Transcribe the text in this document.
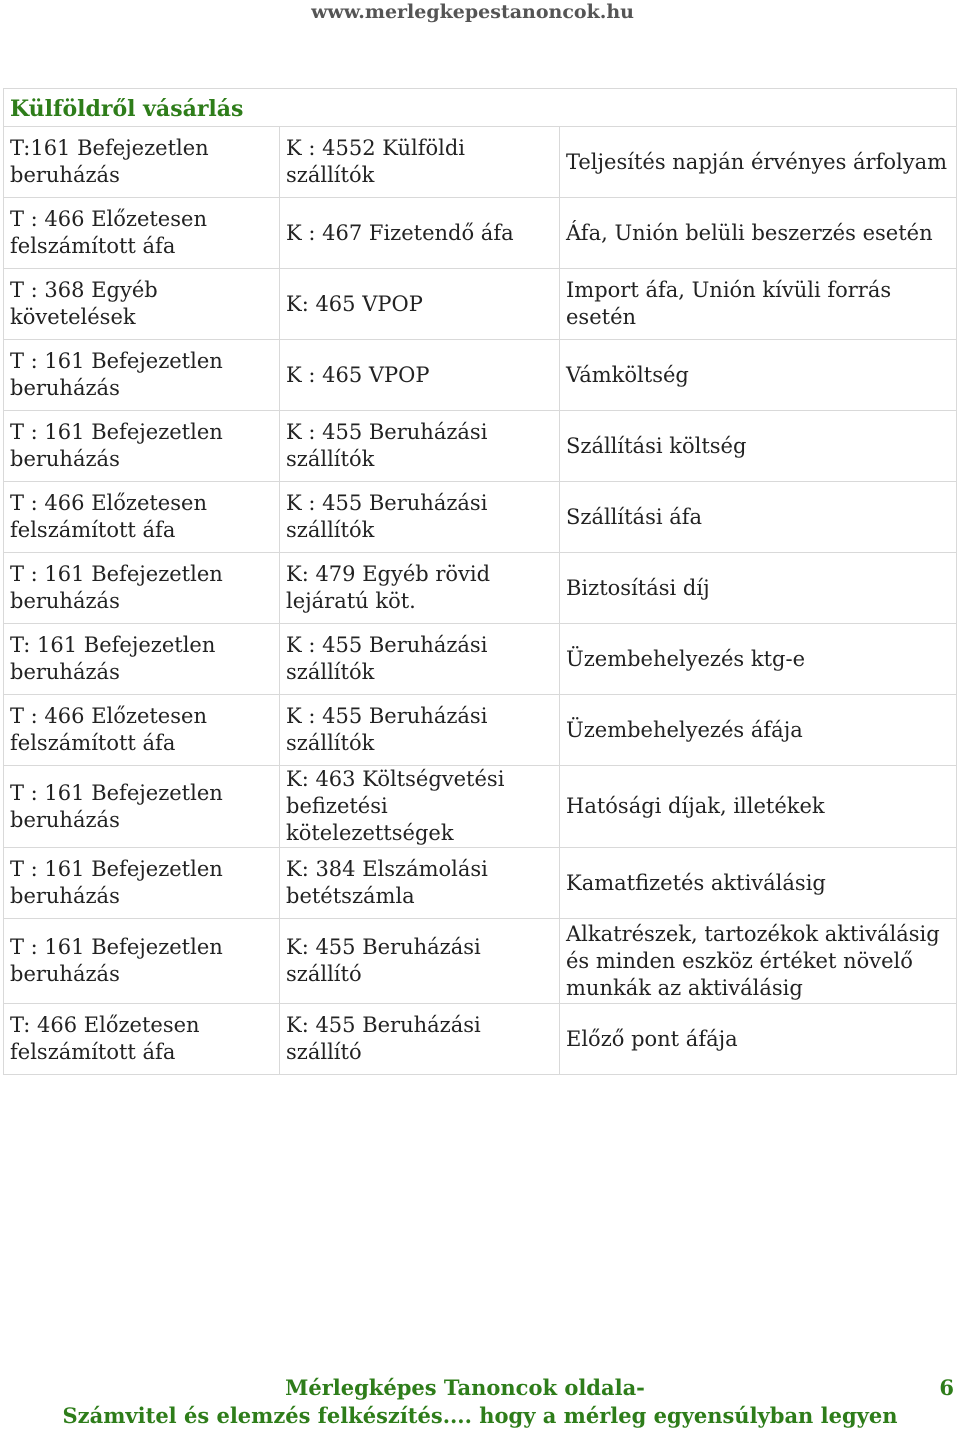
www.merlegkepestanoncok.hu
Külföldről vásárlás		
T:161 Befejezetlen beruházás	K : 4552 Külföldi szállítók	Teljesítés napján érvényes árfolyam
T : 466 Előzetesen felszámított áfa	K : 467 Fizetendő áfa	Áfa, Unión belüli beszerzés esetén
T : 368 Egyéb követelések	K: 465 VPOP	Import áfa, Unión kívüli forrás esetén
T : 161 Befejezetlen beruházás	K : 465 VPOP	Vámköltség
T : 161 Befejezetlen beruházás	K : 455 Beruházási szállítók	Szállítási költség
T : 466 Előzetesen felszámított áfa	K : 455 Beruházási szállítók	Szállítási áfa
T : 161 Befejezetlen beruházás	K: 479 Egyéb rövid lejáratú köt.	Biztosítási díj
T: 161 Befejezetlen beruházás	K : 455 Beruházási szállítók	Üzembehelyezés ktg-e
T : 466 Előzetesen felszámított áfa	K : 455 Beruházási szállítók	Üzembehelyezés áfája
T : 161 Befejezetlen beruházás	K: 463 Költségvetési befizetési kötelezettségek	Hatósági díjak, illetékek
T : 161 Befejezetlen beruházás	K: 384 Elszámolási betétszámla	Kamatfizetés aktiválásig
T : 161 Befejezetlen beruházás	K: 455 Beruházási szállító	Alkatrészek, tartozékok aktiválásig és minden eszköz értéket növelő munkák az aktiválásig
T: 466 Előzetesen felszámított áfa	K: 455 Beruházási szállító	Előző pont áfája
Mérlegképes Tanoncok oldala-
Számvitel és elemzés felkészítés.... hogy a mérleg egyensúlyban legyen
6
